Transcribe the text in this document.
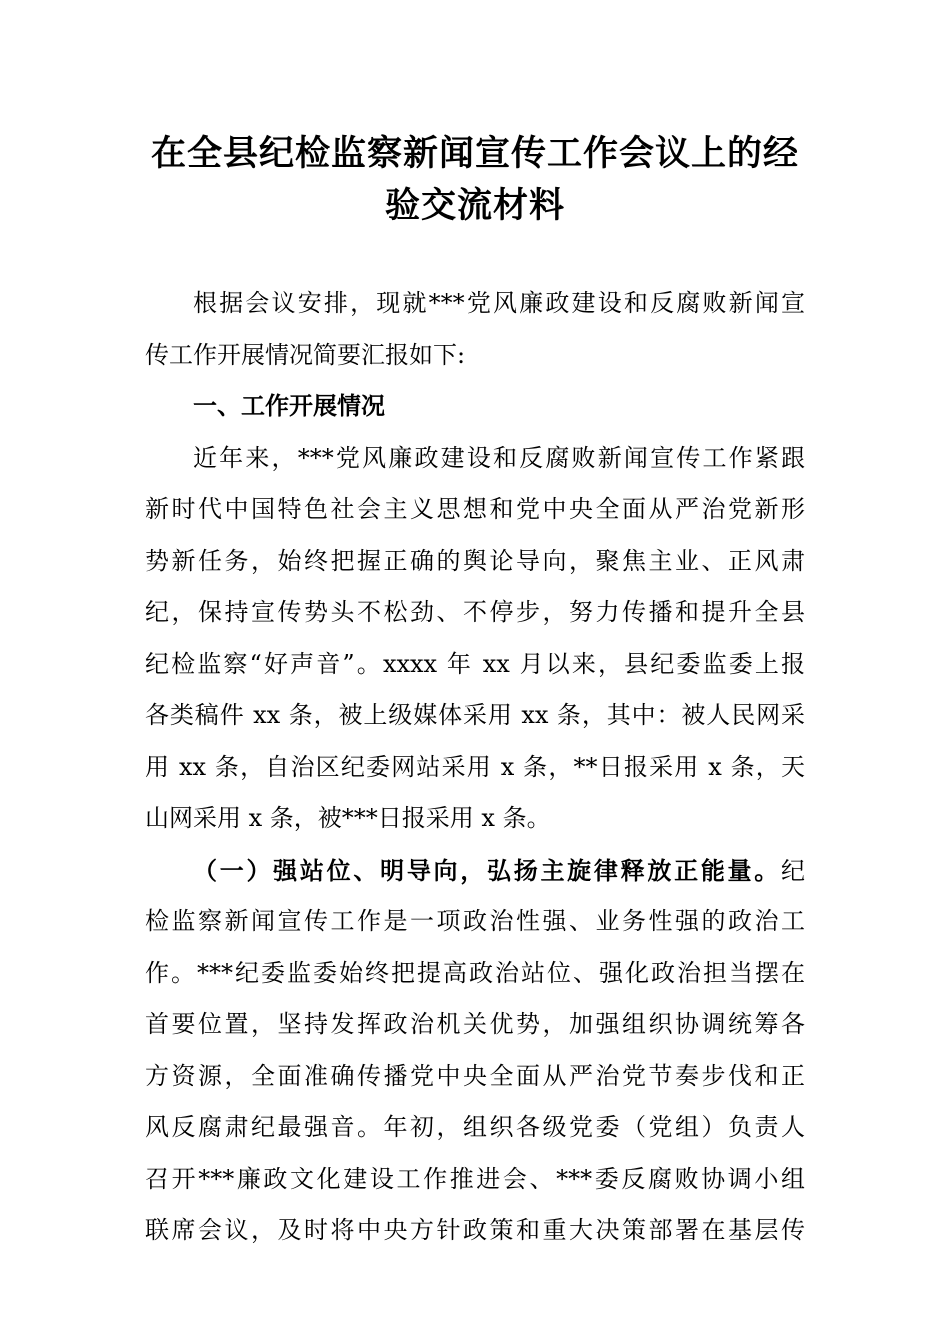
在全县纪检监察新闻宣传工作会议上的经
验交流材料
根据会议安排，现就***党风廉政建设和反腐败新闻宣
传工作开展情况简要汇报如下:
一、工作开展情况
近年来，***党风廉政建设和反腐败新闻宣传工作紧跟
新时代中国特色社会主义思想和党中央全面从严治党新形
势新任务，始终把握正确的舆论导向，聚焦主业、正风肃
纪，保持宣传势头不松劲、不停步，努力传播和提升全县
纪检监察“好声音”。xxxx 年 xx 月以来，县纪委监委上报
各类稿件 xx 条，被上级媒体采用 xx 条，其中：被人民网采
用 xx 条，自治区纪委网站采用 x 条，**日报采用 x 条，天
山网采用 x 条，被***日报采用 x 条。
（一）强站位、明导向，弘扬主旋律释放正能量。纪
检监察新闻宣传工作是一项政治性强、业务性强的政治工
作。***纪委监委始终把提高政治站位、强化政治担当摆在
首要位置，坚持发挥政治机关优势，加强组织协调统筹各
方资源，全面准确传播党中央全面从严治党节奏步伐和正
风反腐肃纪最强音。年初，组织各级党委（党组）负责人
召开***廉政文化建设工作推进会、***委反腐败协调小组
联席会议，及时将中央方针政策和重大决策部署在基层传
